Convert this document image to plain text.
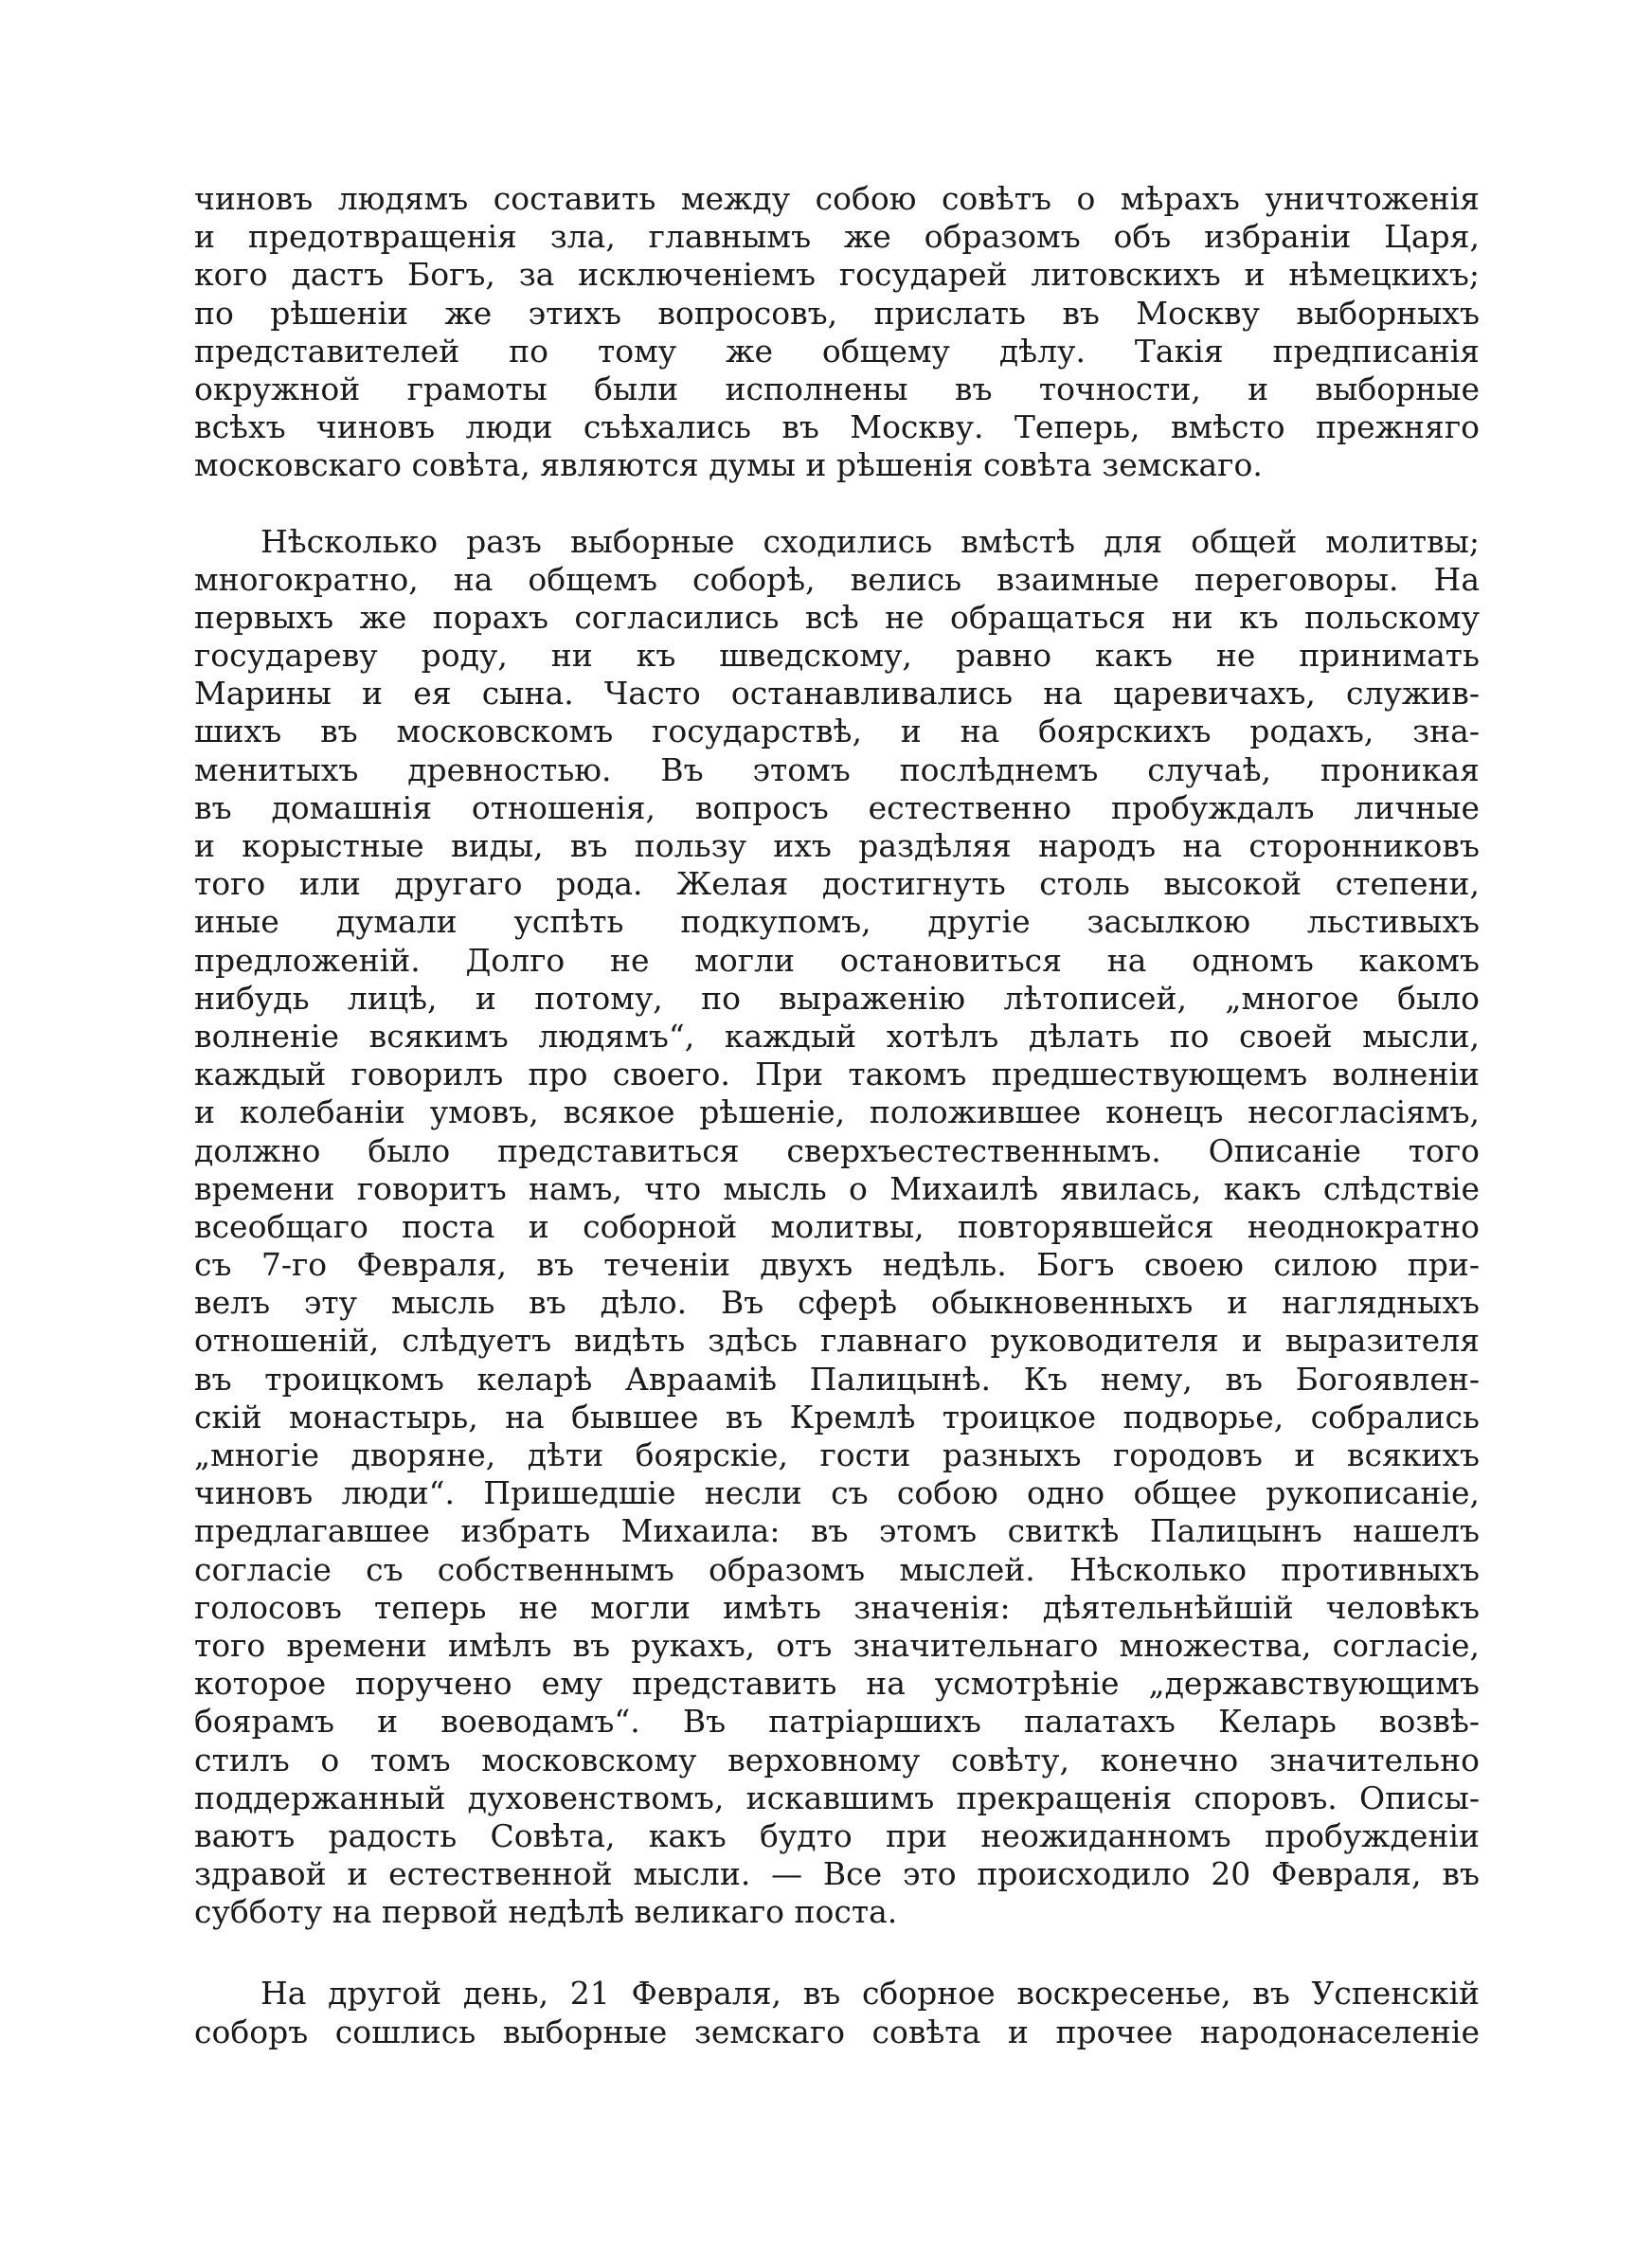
чиновъ людямъ составить между собою совѣтъ о мѣрахъ уничтоженія
и предотвращенія зла, главнымъ же образомъ объ избраніи Царя,
кого дастъ Богъ, за исключеніемъ государей литовскихъ и нѣмецкихъ;
по рѣшеніи же этихъ вопросовъ, прислать въ Москву выборныхъ
представителей по тому же общему дѣлу. Такія предписанія
окружной грамоты были исполнены въ точности, и выборные
всѣхъ чиновъ люди съѣхались въ Москву. Теперь, вмѣсто прежняго
московскаго совѣта, являются думы и рѣшенія совѣта земскаго.

Нѣсколько разъ выборные сходились вмѣстѣ для общей молитвы;
многократно, на общемъ соборѣ, велись взаимные переговоры. На
первыхъ же порахъ согласились всѣ не обращаться ни къ польскому
государеву роду, ни къ шведскому, равно какъ не принимать
Марины и ея сына. Часто останавливались на царевичахъ, служив-
шихъ въ московскомъ государствѣ, и на боярскихъ родахъ, зна-
менитыхъ древностью. Въ этомъ послѣднемъ случаѣ, проникая
въ домашнія отношенія, вопросъ естественно пробуждалъ личные
и корыстные виды, въ пользу ихъ раздѣляя народъ на сторонниковъ
того или другаго рода. Желая достигнуть столь высокой степени,
иные думали успѣть подкупомъ, другіе засылкою льстивыхъ
предложеній. Долго не могли остановиться на одномъ какомъ
нибудь лицѣ, и потому, по выраженію лѣтописей, „многое было
волненіе всякимъ людямъ“, каждый хотѣлъ дѣлать по своей мысли,
каждый говорилъ про своего. При такомъ предшествующемъ волненіи
и колебаніи умовъ, всякое рѣшеніе, положившее конецъ несогласіямъ,
должно было представиться сверхъестественнымъ. Описаніе того
времени говоритъ намъ, что мысль о Михаилѣ явилась, какъ слѣдствіе
всеобщаго поста и соборной молитвы, повторявшейся неоднократно
съ 7-го Февраля, въ теченіи двухъ недѣль. Богъ своею силою при-
велъ эту мысль въ дѣло. Въ сферѣ обыкновенныхъ и наглядныхъ
отношеній, слѣдуетъ видѣть здѣсь главнаго руководителя и выразителя
въ троицкомъ келарѣ Авраамiѣ Палицынѣ. Къ нему, въ Богоявлен-
скій монастырь, на бывшее въ Кремлѣ троицкое подворье, собрались
„многіе дворяне, дѣти боярскіе, гости разныхъ городовъ и всякихъ
чиновъ люди“. Пришедшіе несли съ собою одно общее рукописаніе,
предлагавшее избрать Михаила: въ этомъ свиткѣ Палицынъ нашелъ
согласіе съ собственнымъ образомъ мыслей. Нѣсколько противныхъ
голосовъ теперь не могли имѣть значенія: дѣятельнѣйшій человѣкъ
того времени имѣлъ въ рукахъ, отъ значительнаго множества, согласіе,
которое поручено ему представить на усмотрѣніе „державствующимъ
боярамъ и воеводамъ“. Въ патріаршихъ палатахъ Келарь возвѣ-
стилъ о томъ московскому верховному совѣту, конечно значительно
поддержанный духовенствомъ, искавшимъ прекращенія споровъ. Описы-
ваютъ радость Совѣта, какъ будто при неожиданномъ пробужденіи
здравой и естественной мысли. — Все это происходило 20 Февраля, въ
субботу на первой недѣлѣ великаго поста.

На другой день, 21 Февраля, въ сборное воскресенье, въ Успенскій
соборъ сошлись выборные земскаго совѣта и прочее народонаселеніе
